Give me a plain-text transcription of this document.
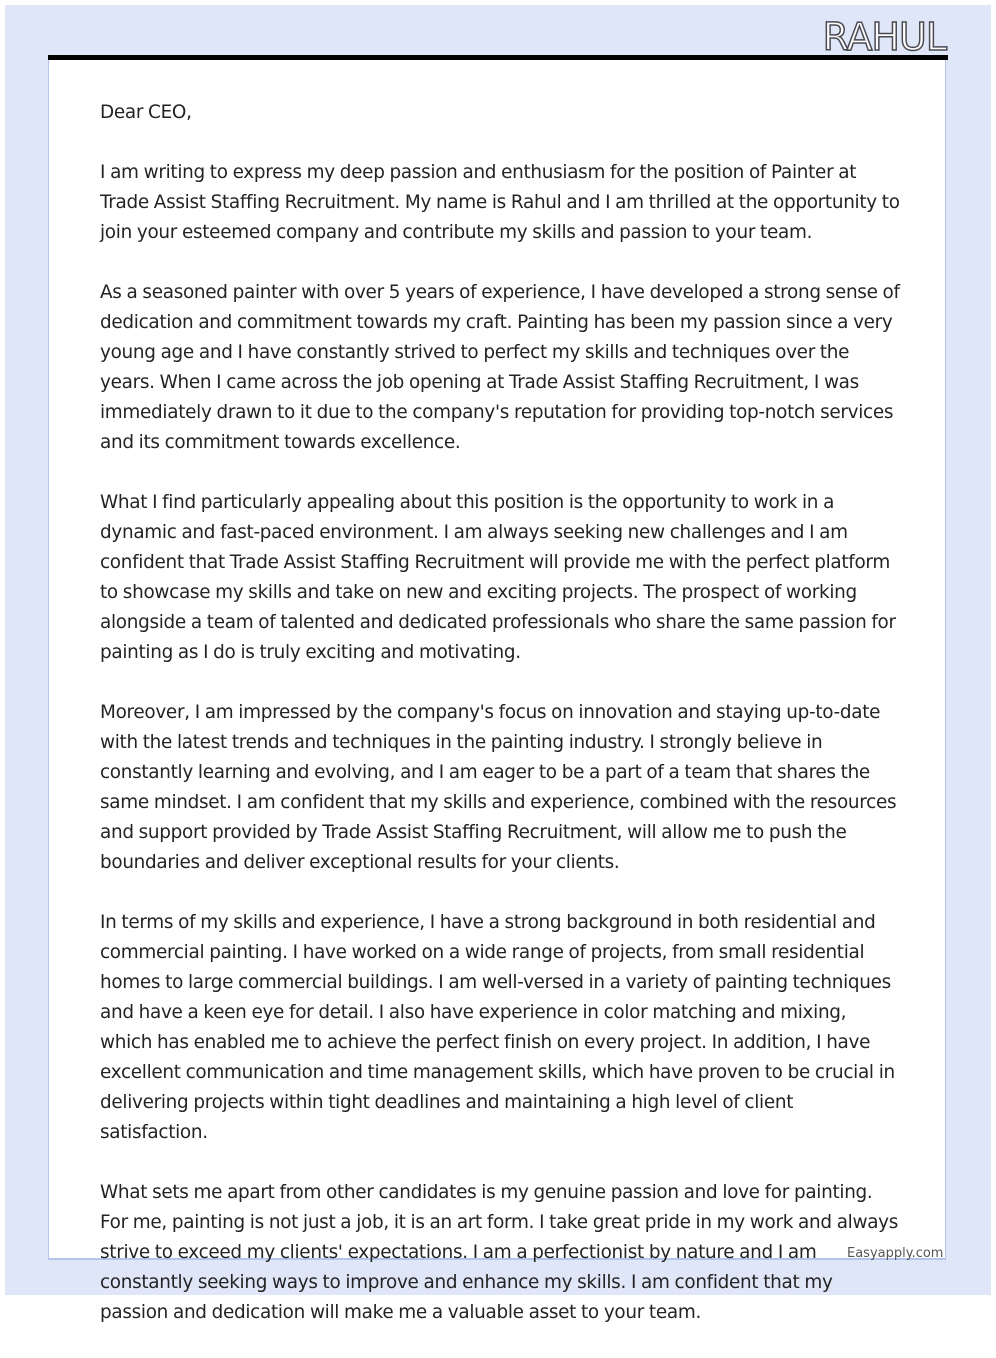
RAHUL

Dear CEO,

I am writing to express my deep passion and enthusiasm for the position of Painter at Trade Assist Staffing Recruitment. My name is Rahul and I am thrilled at the opportunity to join your esteemed company and contribute my skills and passion to your team.

As a seasoned painter with over 5 years of experience, I have developed a strong sense of dedication and commitment towards my craft. Painting has been my passion since a very young age and I have constantly strived to perfect my skills and techniques over the years. When I came across the job opening at Trade Assist Staffing Recruitment, I was immediately drawn to it due to the company's reputation for providing top-notch services and its commitment towards excellence.

What I find particularly appealing about this position is the opportunity to work in a dynamic and fast-paced environment. I am always seeking new challenges and I am confident that Trade Assist Staffing Recruitment will provide me with the perfect platform to showcase my skills and take on new and exciting projects. The prospect of working alongside a team of talented and dedicated professionals who share the same passion for painting as I do is truly exciting and motivating.

Moreover, I am impressed by the company's focus on innovation and staying up-to-date with the latest trends and techniques in the painting industry. I strongly believe in constantly learning and evolving, and I am eager to be a part of a team that shares the same mindset. I am confident that my skills and experience, combined with the resources and support provided by Trade Assist Staffing Recruitment, will allow me to push the boundaries and deliver exceptional results for your clients.

In terms of my skills and experience, I have a strong background in both residential and commercial painting. I have worked on a wide range of projects, from small residential homes to large commercial buildings. I am well-versed in a variety of painting techniques and have a keen eye for detail. I also have experience in color matching and mixing, which has enabled me to achieve the perfect finish on every project. In addition, I have excellent communication and time management skills, which have proven to be crucial in delivering projects within tight deadlines and maintaining a high level of client satisfaction.

What sets me apart from other candidates is my genuine passion and love for painting. For me, painting is not just a job, it is an art form. I take great pride in my work and always strive to exceed my clients' expectations. I am a perfectionist by nature and I am constantly seeking ways to improve and enhance my skills. I am confident that my passion and dedication will make me a valuable asset to your team.

Easyapply.com
